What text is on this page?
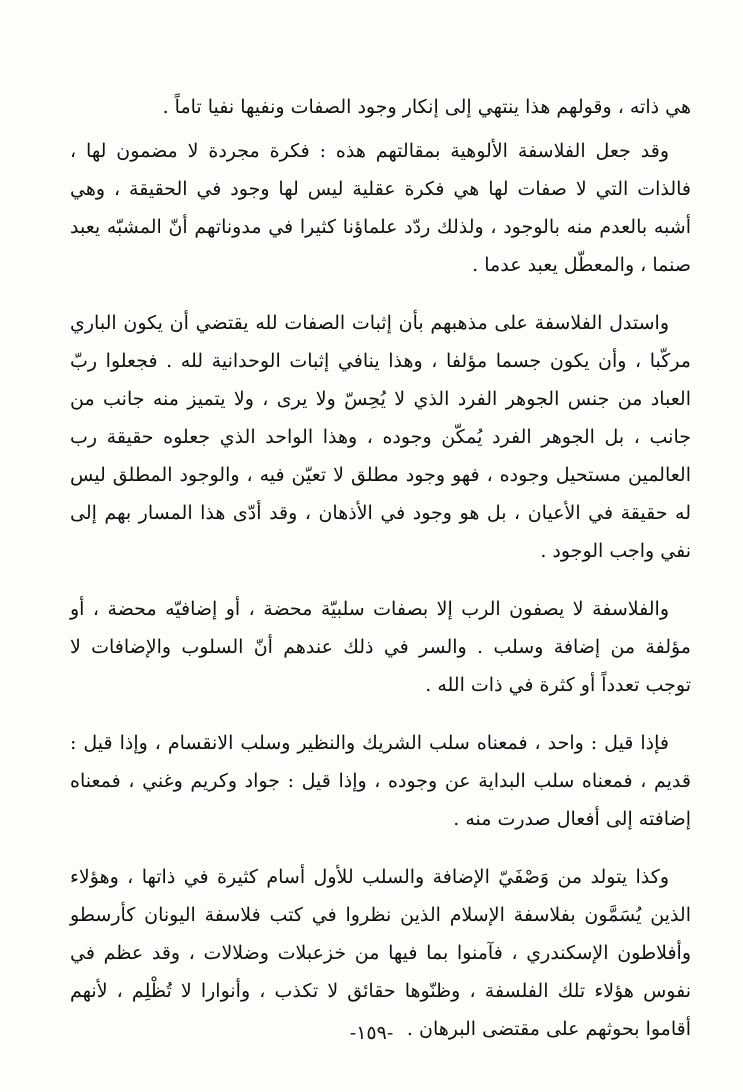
هي ذاته ، وقولهم هذا ينتهي إلى إنكار وجود الصفات ونفيها نفيا تاماً .

وقد جعل الفلاسفة الألوهية بمقالتهم هذه : فكرة مجردة لا مضمون لها ، فالذات التي لا صفات لها هي فكرة عقلية ليس لها وجود في الحقيقة ، وهي أشبه بالعدم منه بالوجود ، ولذلك ردّد علماؤنا كثيرا في مدوناتهم أنّ المشبّه يعبد صنما ، والمعطّل يعبد عدما .

واستدل الفلاسفة على مذهبهم بأن إثبات الصفات لله يقتضي أن يكون الباري مركّبا ، وأن يكون جسما مؤلفا ، وهذا ينافي إثبات الوحدانية لله . فجعلوا ربّ العباد من جنس الجوهر الفرد الذي لا يُحِسّ ولا يرى ، ولا يتميز منه جانب من جانب ، بل الجوهر الفرد يُمكّن وجوده ، وهذا الواحد الذي جعلوه حقيقة رب العالمين مستحيل وجوده ، فهو وجود مطلق لا تعيّن فيه ، والوجود المطلق ليس له حقيقة في الأعيان ، بل هو وجود في الأذهان ، وقد أدّى هذا المسار بهم إلى نفي واجب الوجود .

والفلاسفة لا يصفون الرب إلا بصفات سلبيّة محضة ، أو إضافيّه محضة ، أو مؤلفة من إضافة وسلب . والسر في ذلك عندهم أنّ السلوب والإضافات لا توجب تعدداً أو كثرة في ذات الله .

فإذا قيل : واحد ، فمعناه سلب الشريك والنظير وسلب الانقسام ، وإذا قيل : قديم ، فمعناه سلب البداية عن وجوده ، وإذا قيل : جواد وكريم وغني ، فمعناه إضافته إلى أفعال صدرت منه .

وكذا يتولد من وَصْفَيّ الإضافة والسلب للأول أسام كثيرة في ذاتها ، وهؤلاء الذين يُسَمَّون بفلاسفة الإسلام الذين نظروا في كتب فلاسفة اليونان كأرسطو وأفلاطون الإسكندري ، فآمنوا بما فيها من خزعبلات وضلالات ، وقد عظم في نفوس هؤلاء تلك الفلسفة ، وظنّوها حقائق لا تكذب ، وأنوارا لا تُظْلِم ، لأنهم أقاموا بحوثهم على مقتضى البرهان .

-١٥٩-
